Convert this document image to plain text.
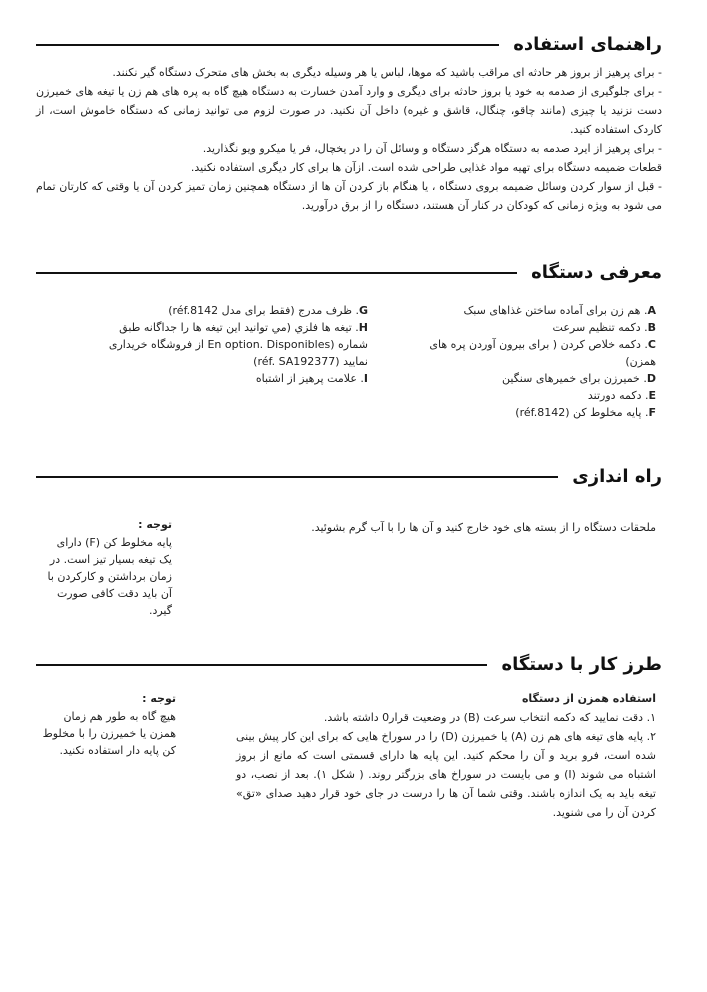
راهنمای استفاده
- برای پرهیز از بروز هر حادثه ای مراقب باشید که موها، لباس یا هر وسیله دیگری به بخش های متحرک دستگاه گیر نکنند.
- برای جلوگیری از صدمه به خود یا بروز حادثه برای دیگری و وارد آمدن خسارت به دستگاه هیچ گاه به پره های هم زن یا تیغه های خمیرزن دست نزنید یا چیزی (مانند چاقو، چنگال، قاشق و غیره) داخل آن نکنید. در صورت لزوم می توانید زمانی که دستگاه خاموش است، از کاردک استفاده کنید.
- برای پرهیز از ایرد صدمه به دستگاه هرگز دستگاه و وسائل آن را در یخچال، فر یا میکرو ویو نگذارید.
قطعات ضمیمه دستگاه برای تهیه مواد غذایی طراحی شده است. ازآن ها برای کار دیگری استفاده نکنید.
- قبل از سوار کردن وسائل ضمیمه بروی دستگاه ، یا هنگام باز کردن آن ها از دستگاه همچنین زمان تمیز کردن آن یا وقتی که کارتان تمام می شود به ویژه زمانی که کودکان در کنار آن هستند، دستگاه را از برق درآورید.
معرفی دستگاه
A. هم زن برای آماده ساختن غذاهای سبک
B. دکمه تنظیم سرعت
C. دکمه خلاص کردن ( برای بیرون آوردن پره های همزن)
D. خمیرزن برای خمیرهای سنگین
E. دکمه دورتند
F. پایه مخلوط کن (réf.8142)
G. ظرف مدرج (فقط برای مدل réf.8142)
H. تیغه ها فلزي (مي توانيد اين تيغه ها را جداگانه طبق شماره (En option. Disponibles از فروشگاه خریداری نمایید (réf. SA192377)
I. علامت پرهیز از اشتباه
راه اندازی
ملحقات دستگاه را از بسته های خود خارج کنید و آن ها را با آب گرم بشوئید.
توجه :
پایه مخلوط کن (F) دارای یک تیغه بسیار تیز است. در زمان برداشتن و کارکردن با آن باید دقت کافی صورت گیرد.
طرز کار با دستگاه
استفاده همزن از دستگاه
۱. دقت نمایید که دکمه انتخاب سرعت (B) در وضعیت قرار0 داشته باشد.
۲. پایه های تیغه های هم زن (A) یا خمیرزن (D) را در سوراخ هایی که برای این کار پیش بینی شده است، فرو برید و آن را محکم کنید. این پایه ها دارای قسمتی است که مانع از بروز اشتباه می شوند (I) و می بایست در سوراخ های بزرگتر روند. ( شکل ۱). بعد از نصب، دو تیغه باید به یک اندازه باشند. وقتی شما آن ها را درست در جای خود قرار دهید صدای «تق» کردن آن را می شنوید.
توجه :
هیچ گاه به طور هم زمان همزن یا خمیرزن را با مخلوط کن پایه دار استفاده نکنید.
